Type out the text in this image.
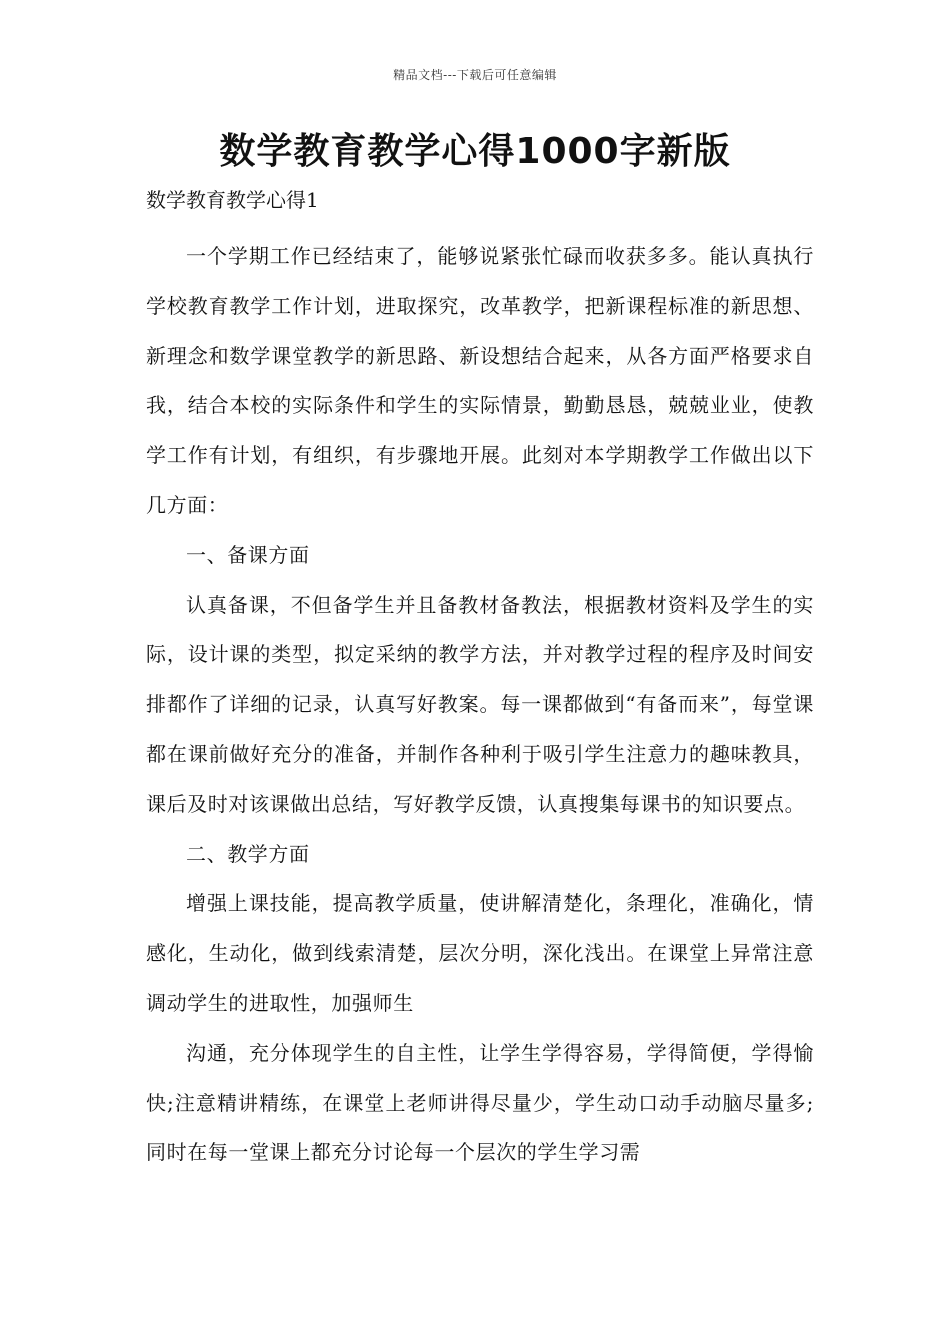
精品文档---下载后可任意编辑
数学教育教学心得1000字新版
数学教育教学心得1

一个学期工作已经结束了，能够说紧张忙碌而收获多多。能认真执行学校教育教学工作计划，进取探究，改革教学，把新课程标准的新思想、新理念和数学课堂教学的新思路、新设想结合起来，从各方面严格要求自我，结合本校的实际条件和学生的实际情景，勤勤恳恳，兢兢业业，使教学工作有计划，有组织，有步骤地开展。此刻对本学期教学工作做出以下几方面：

一、备课方面

认真备课，不但备学生并且备教材备教法，根据教材资料及学生的实际，设计课的类型，拟定采纳的教学方法，并对教学过程的程序及时间安排都作了详细的记录，认真写好教案。每一课都做到“有备而来”，每堂课都在课前做好充分的准备，并制作各种利于吸引学生注意力的趣味教具，课后及时对该课做出总结，写好教学反馈，认真搜集每课书的知识要点。

二、教学方面

增强上课技能，提高教学质量，使讲解清楚化，条理化，准确化，情感化，生动化，做到线索清楚，层次分明，深化浅出。在课堂上异常注意调动学生的进取性，加强师生

沟通，充分体现学生的自主性，让学生学得容易，学得简便，学得愉快;注意精讲精练，在课堂上老师讲得尽量少，学生动口动手动脑尽量多;同时在每一堂课上都充分讨论每一个层次的学生学习需
